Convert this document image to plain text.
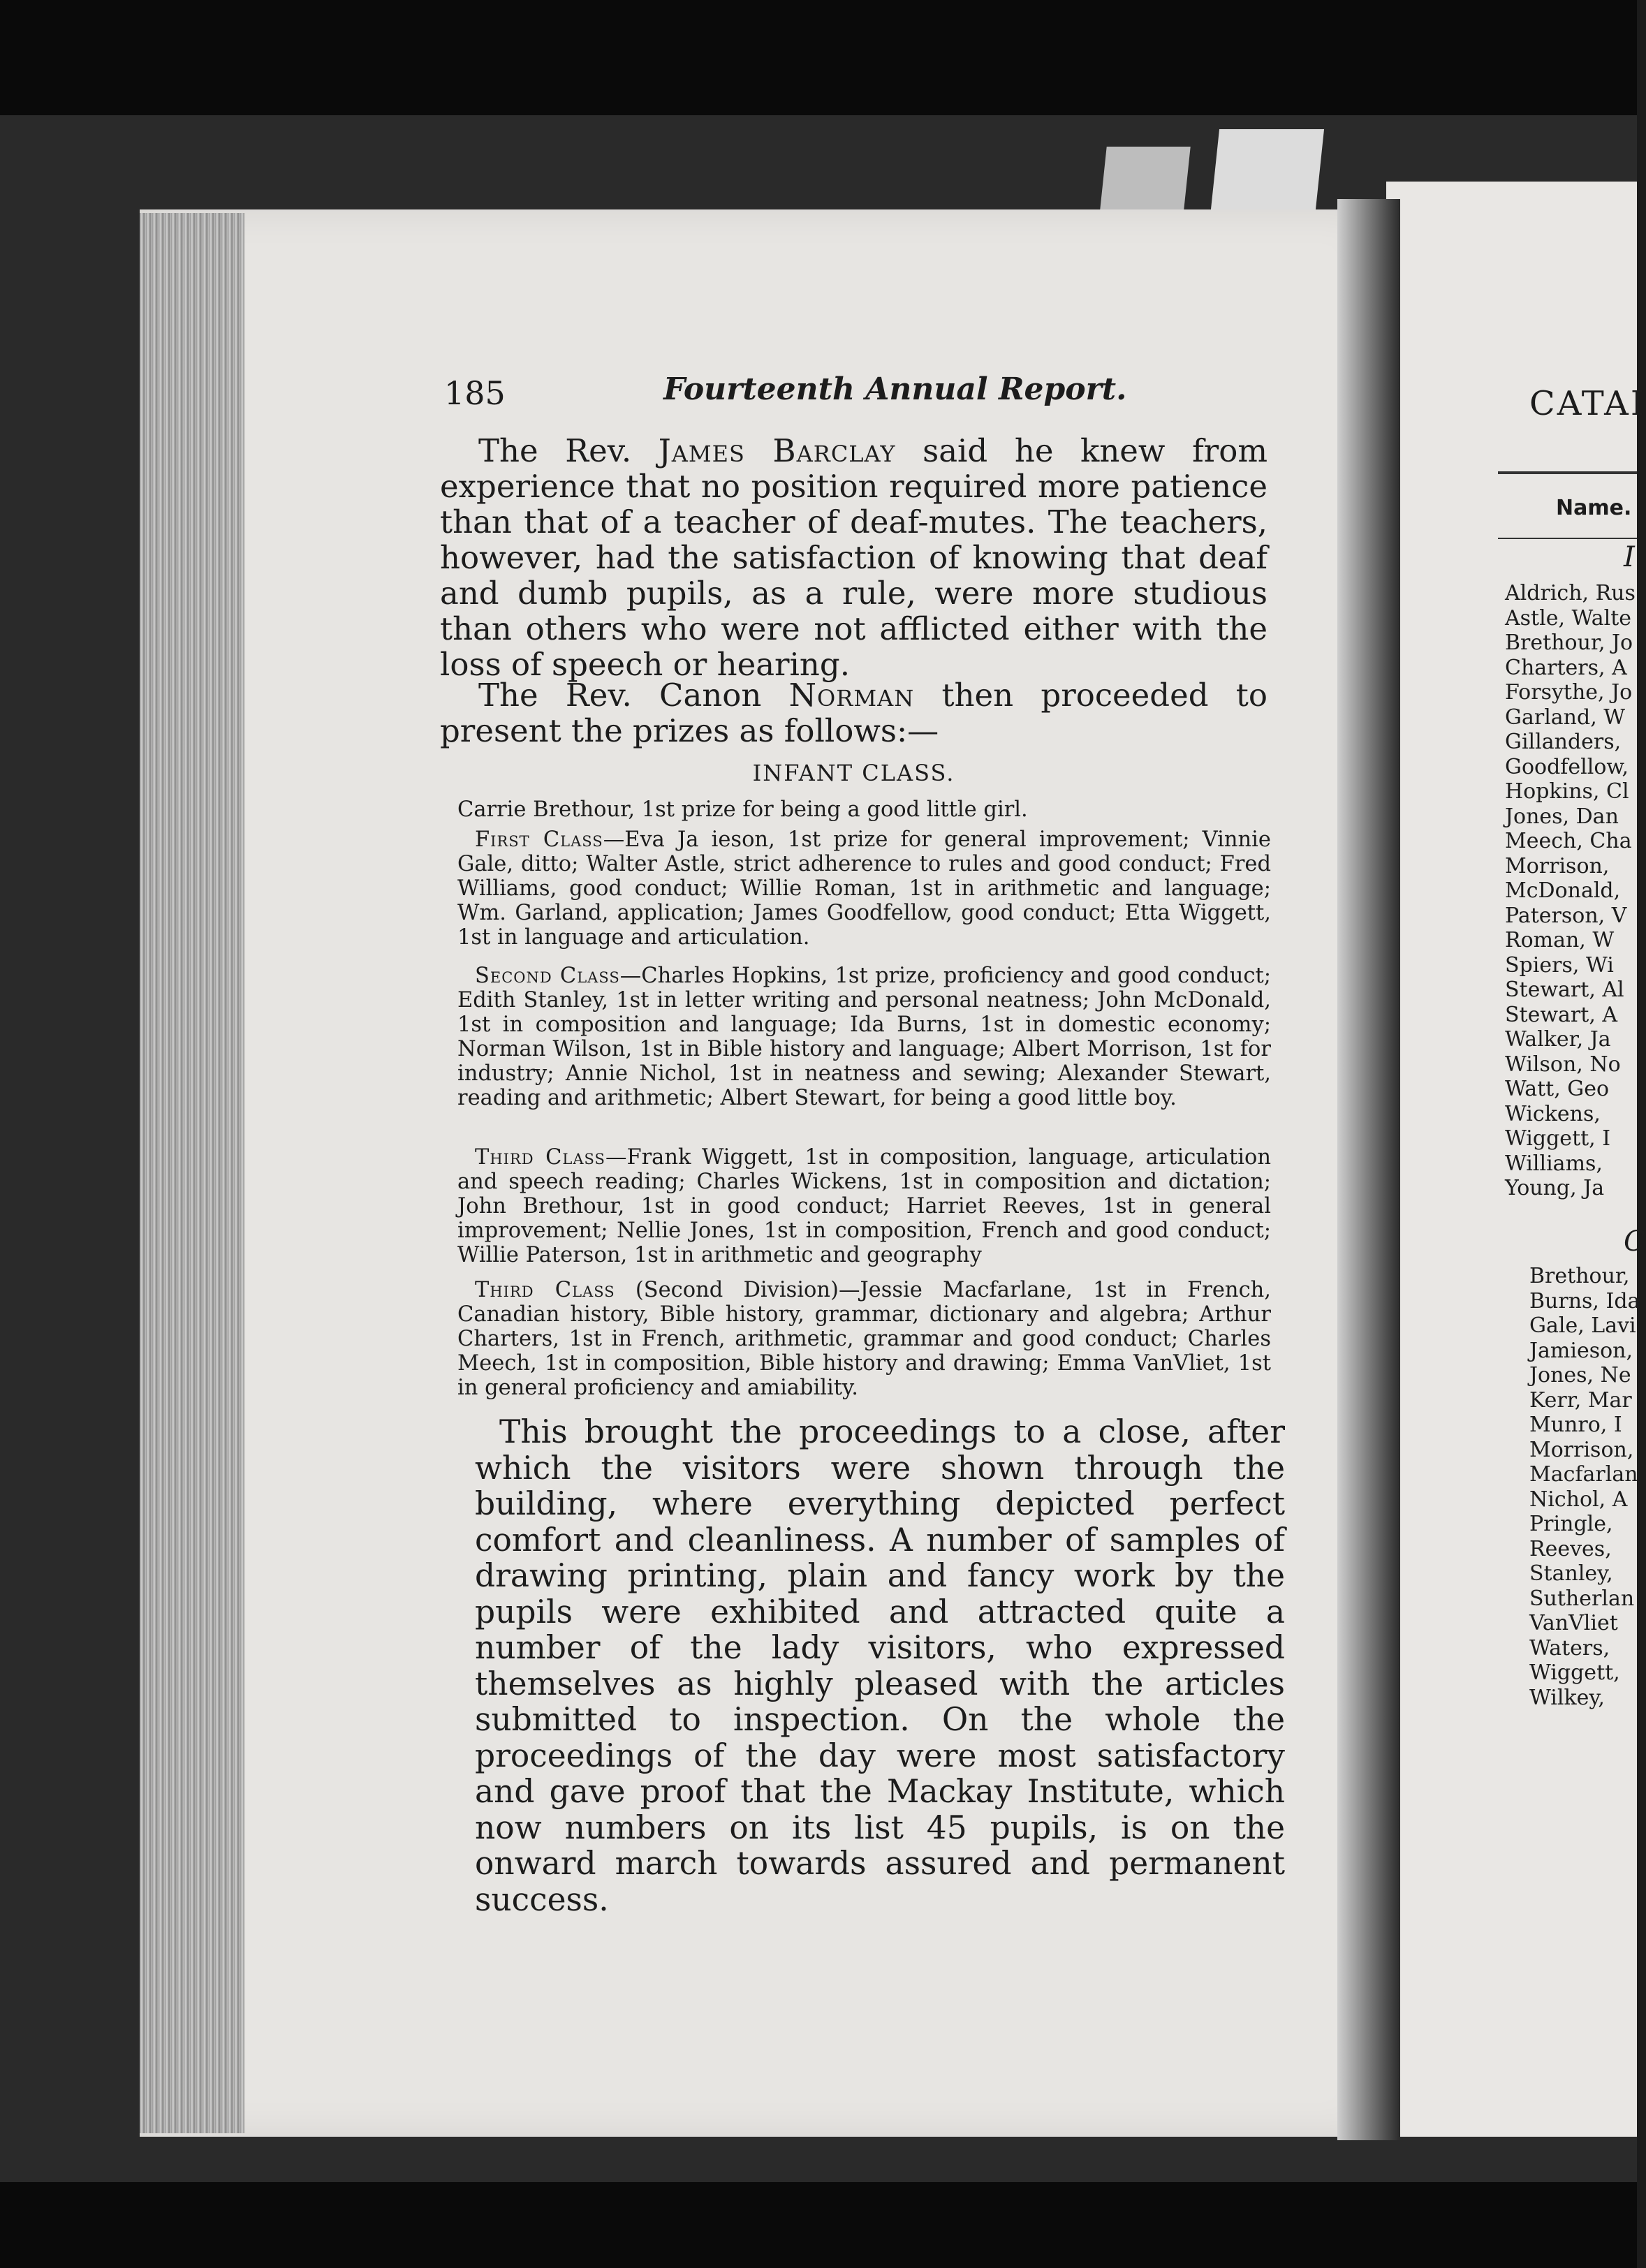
185	Fourteenth Annual Report.
The Rev. James Barclay said he knew from experience that no position required more patience than that of a teacher of deaf-mutes. The teachers, however, had the satisfaction of knowing that deaf and dumb pupils, as a rule, were more studious than others who were not afflicted either with the loss of speech or hearing.
The Rev. Canon Norman then proceeded to present the prizes as follows:—
INFANT CLASS.
Carrie Brethour, 1st prize for being a good little girl.
First Class—Eva Ja ieson, 1st prize for general improvement; Vinnie Gale, ditto; Walter Astle, strict adherence to rules and good conduct; Fred Williams, good conduct; Willie Roman, 1st in arithmetic and language; Wm. Garland, application; James Goodfellow, good conduct; Etta Wiggett, 1st in language and articulation.
Second Class—Charles Hopkins, 1st prize, proficiency and good conduct; Edith Stanley, 1st in letter writing and personal neatness; John McDonald, 1st in composition and language; Ida Burns, 1st in domestic economy; Norman Wilson, 1st in Bible history and language; Albert Morrison, 1st for industry; Annie Nichol, 1st in neatness and sewing; Alexander Stewart, reading and arithmetic; Albert Stewart, for being a good little boy.
Third Class—Frank Wiggett, 1st in composition, language, articulation and speech reading; Charles Wickens, 1st in composition and dictation; John Brethour, 1st in good conduct; Harriet Reeves, 1st in general improvement; Nellie Jones, 1st in composition, French and good conduct; Willie Paterson, 1st in arithmetic and geography
Third Class (Second Division)—Jessie Macfarlane, 1st in French, Canadian history, Bible history, grammar, dictionary and algebra; Arthur Charters, 1st in French, arithmetic, grammar and good conduct; Charles Meech, 1st in composition, Bible history and drawing; Emma VanVliet, 1st in general proficiency and amiability.
This brought the proceedings to a close, after which the visitors were shown through the building, where everything depicted perfect comfort and cleanliness. A number of samples of drawing printing, plain and fancy work by the pupils were exhibited and attracted quite a number of the lady visitors, who expressed themselves as highly pleased with the articles submitted to inspection. On the whole the proceedings of the day were most satisfactory and gave proof that the Mackay Institute, which now numbers on its list 45 pupils, is on the onward march towards assured and permanent success.
CATAI
Name.
I
Aldrich, Rus
Astle, Walte
Brethour, Jo
Charters, A
Forsythe, Jo
Garland, W
Gillanders,
Goodfellow,
Hopkins, Cl
Jones, Dan
Meech, Cha
Morrison,
McDonald,
Paterson, V
Roman, W
Spiers, Wi
Stewart, Al
Stewart, A
Walker, Ja
Wilson, No
Watt, Geo
Wickens,
Wiggett, I
Williams,
Young, Ja
C
Brethour,
Burns, Ida
Gale, Lavi
Jamieson,
Jones, Ne
Kerr, Mar
Munro, I
Morrison,
Macfarlan
Nichol, A
Pringle,
Reeves,
Stanley,
Sutherlan
VanVliet
Waters,
Wiggett,
Wilkey,
